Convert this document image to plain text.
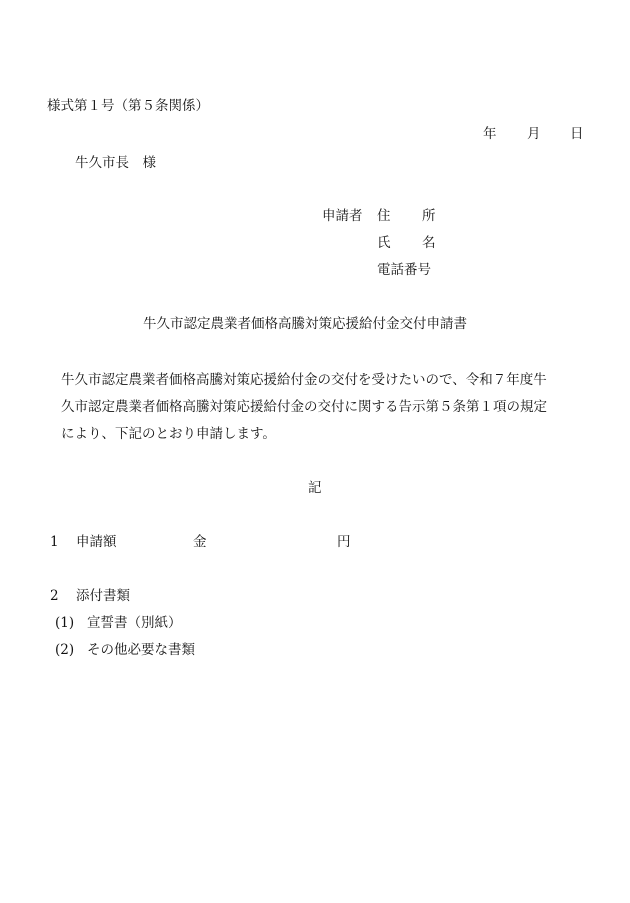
様式第１号（第５条関係）
年 月 日
牛久市長　様
申請者 住 所
氏 名
電話番号
牛久市認定農業者価格高騰対策応援給付金交付申請書
牛久市認定農業者価格高騰対策応援給付金の交付を受けたいので、令和７年度牛
久市認定農業者価格高騰対策応援給付金の交付に関する告示第５条第１項の規定
により、下記のとおり申請します。
記
1 申請額	金	円
2 添付書類
(1) 宣誓書（別紙）
(2) その他必要な書類
